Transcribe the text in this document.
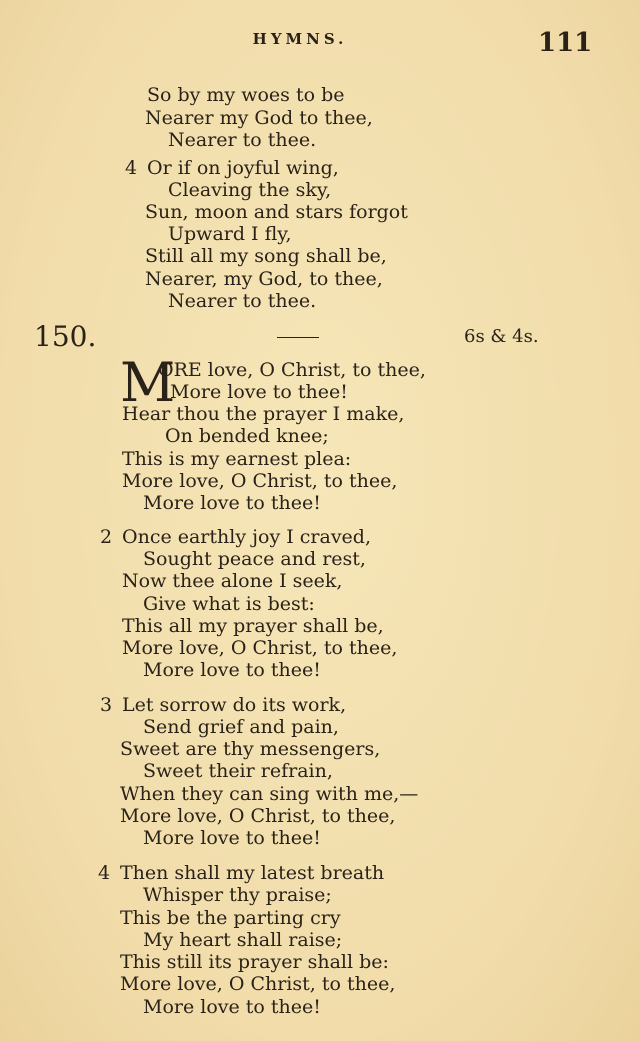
HYMNS.	111
So by my woes to be
Nearer my God to thee,
Nearer to thee.
4 Or if on joyful wing,
Cleaving the sky,
Sun, moon and stars forgot
Upward I fly,
Still all my song shall be,
Nearer, my God, to thee,
Nearer to thee.
150.	6s & 4s.
M
ORE love, O Christ, to thee,
More love to thee!
Hear thou the prayer I make,
On bended knee;
This is my earnest plea:
More love, O Christ, to thee,
More love to thee!
2 Once earthly joy I craved,
Sought peace and rest,
Now thee alone I seek,
Give what is best:
This all my prayer shall be,
More love, O Christ, to thee,
More love to thee!
3 Let sorrow do its work,
Send grief and pain,
Sweet are thy messengers,
Sweet their refrain,
When they can sing with me,—
More love, O Christ, to thee,
More love to thee!
4 Then shall my latest breath
Whisper thy praise;
This be the parting cry
My heart shall raise;
This still its prayer shall be:
More love, O Christ, to thee,
More love to thee!
